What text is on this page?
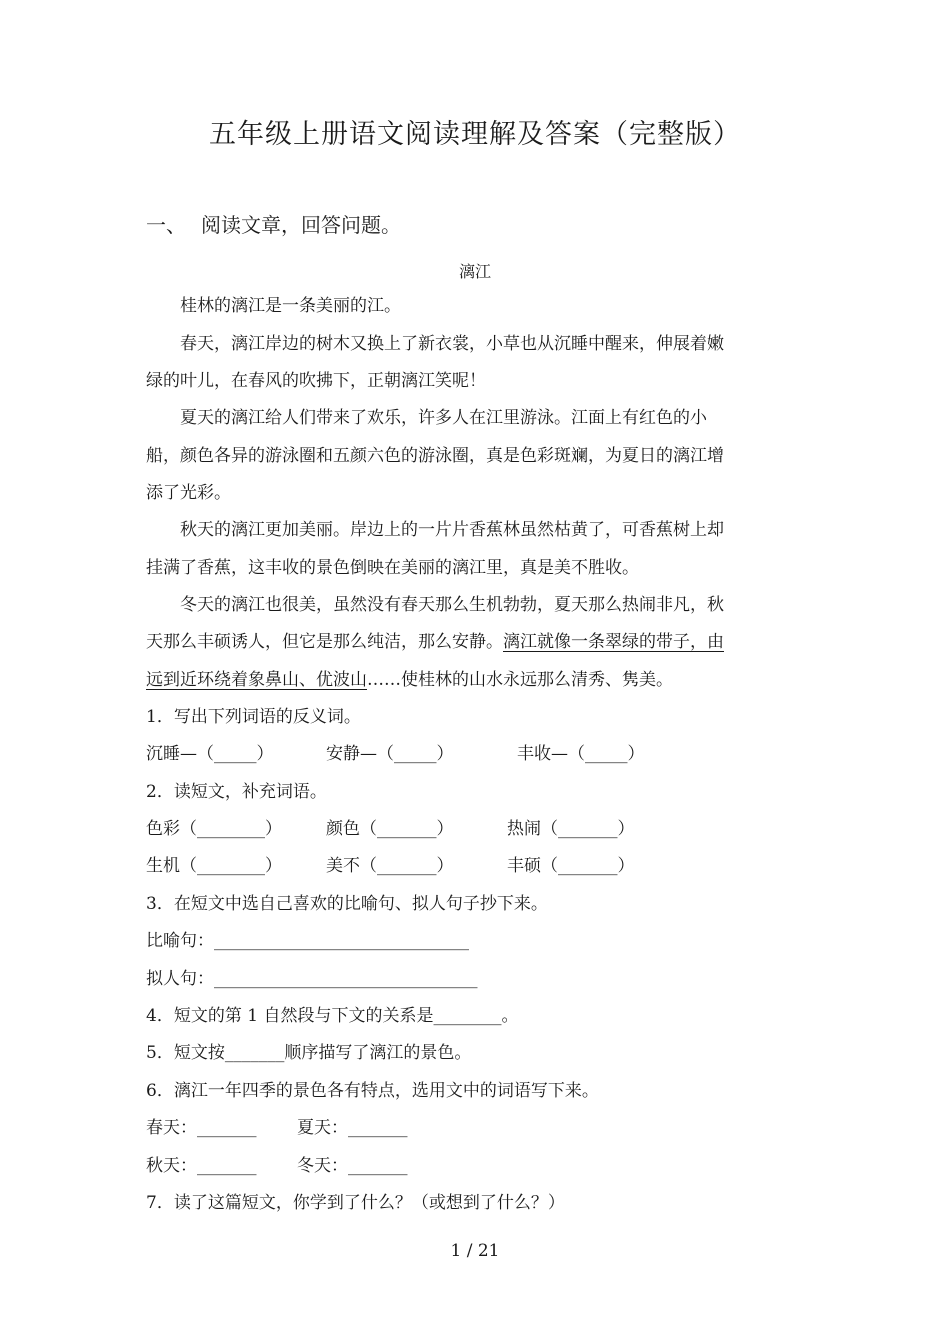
五年级上册语文阅读理解及答案（完整版）
一、 阅读文章，回答问题。
漓江
桂林的漓江是一条美丽的江。
春天，漓江岸边的树木又换上了新衣裳，小草也从沉睡中醒来，伸展着嫩
绿的叶儿，在春风的吹拂下，正朝漓江笑呢！
夏天的漓江给人们带来了欢乐，许多人在江里游泳。江面上有红色的小
船，颜色各异的游泳圈和五颜六色的游泳圈，真是色彩斑斓，为夏日的漓江增
添了光彩。
秋天的漓江更加美丽。岸边上的一片片香蕉林虽然枯黄了，可香蕉树上却
挂满了香蕉，这丰收的景色倒映在美丽的漓江里，真是美不胜收。
冬天的漓江也很美，虽然没有春天那么生机勃勃，夏天那么热闹非凡，秋
天那么丰硕诱人，但它是那么纯洁，那么安静。漓江就像一条翠绿的带子，由
远到近环绕着象鼻山、优波山……使桂林的山水永远那么清秀、隽美。
1．写出下列词语的反义词。
沉睡—（_____）	安静—（_____）	丰收—（_____）
2．读短文，补充词语。
色彩（________）	颜色（_______）	热闹（_______）
生机（________）	美不（_______）	丰硕（_______）
3．在短文中选自己喜欢的比喻句、拟人句子抄下来。
比喻句：______________________________
拟人句：_______________________________
4．短文的第 1 自然段与下文的关系是________。
5．短文按_______顺序描写了漓江的景色。
6．漓江一年四季的景色各有特点，选用文中的词语写下来。
春天：_______ 夏天：_______
秋天：_______ 冬天：_______
7．读了这篇短文，你学到了什么？（或想到了什么？）
1 / 21
